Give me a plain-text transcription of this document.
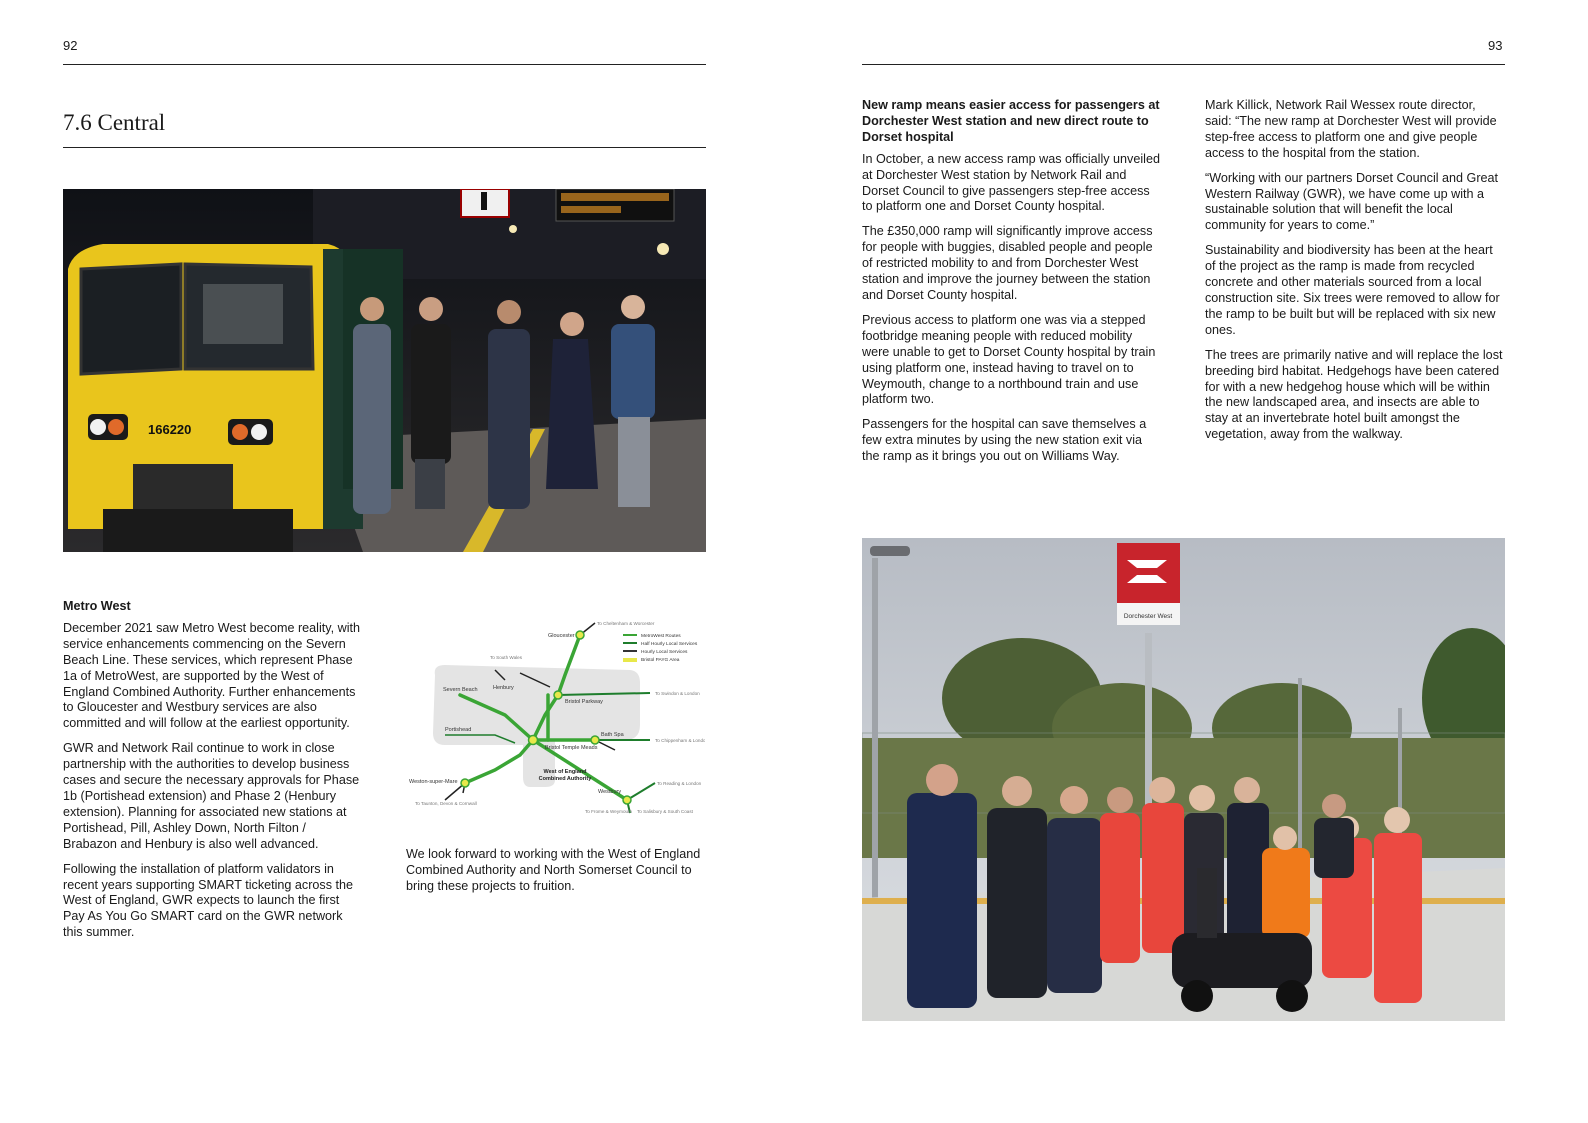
92
7.6 Central
166220
Metro West

December 2021 saw Metro West become reality, with service enhancements commencing on the Severn Beach Line. These services, which represent Phase 1a of MetroWest, are supported by the West of England Combined Authority. Further enhancements to Gloucester and Westbury services are also committed and will follow at the earliest opportunity.

GWR and Network Rail continue to work in close partnership with the authorities to develop business cases and secure the necessary approvals for Phase 1b (Portishead extension) and Phase 2 (Henbury extension). Planning for associated new stations at Portishead, Pill, Ashley Down, North Filton / Brabazon and Henbury is also well advanced.

Following the installation of platform validators in recent years supporting SMART ticketing across the West of England, GWR expects to launch the first Pay As You Go SMART card on the GWR network this summer.

Gloucester
Severn Beach	Henbury
Bristol Parkway
Portishead
Bristol Temple Meads
Bath Spa
Weston-super-Mare
Westbury
To Cheltenham & Worcester
To South Wales
To Swindon & London
To Chippenham & London
To Taunton, Devon & Cornwall
To Reading & London
To Frome & Weymouth To Salisbury & South Coast
West of England
Combined Authority
MetroWest Routes
Half Hourly Local Services
Hourly Local Services
Bristol PAYG Area

We look forward to working with the West of England Combined Authority and North Somerset Council to bring these projects to fruition.

93
New ramp means easier access for passengers at Dorchester West station and new direct route to Dorset hospital

In October, a new access ramp was officially unveiled at Dorchester West station by Network Rail and Dorset Council to give passengers step-free access to platform one and Dorset County hospital.

The £350,000 ramp will significantly improve access for people with buggies, disabled people and people of restricted mobility to and from Dorchester West station and improve the journey between the station and Dorset County hospital.

Previous access to platform one was via a stepped footbridge meaning people with reduced mobility were unable to get to Dorset County hospital by train using platform one, instead having to travel on to Weymouth, change to a northbound train and use platform two.

Passengers for the hospital can save themselves a few extra minutes by using the new station exit via the ramp as it brings you out on Williams Way.

Mark Killick, Network Rail Wessex route director, said: “The new ramp at Dorchester West will provide step-free access to platform one and give people access to the hospital from the station.

“Working with our partners Dorset Council and Great Western Railway (GWR), we have come up with a sustainable solution that will benefit the local community for years to come.”

Sustainability and biodiversity has been at the heart of the project as the ramp is made from recycled concrete and other materials sourced from a local construction site. Six trees were removed to allow for the ramp to be built but will be replaced with six new ones.

The trees are primarily native and will replace the lost breeding bird habitat. Hedgehogs have been catered for with a new hedgehog house which will be within the new landscaped area, and insects are able to stay at an invertebrate hotel built amongst the vegetation, away from the walkway.

Dorchester West
